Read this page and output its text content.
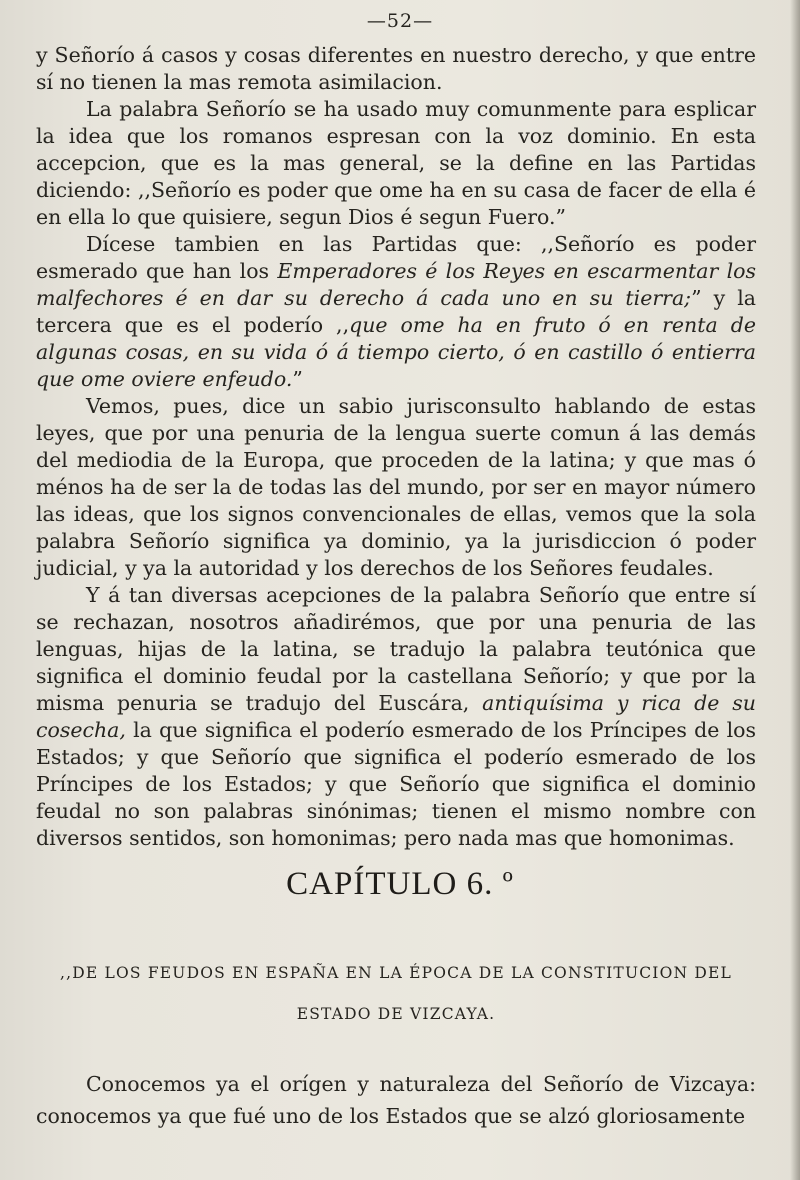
—52—

y Señorío á casos y cosas diferentes en nuestro derecho, y que entre sí no tienen la mas remota asimilacion.

La palabra Señorío se ha usado muy comunmente para esplicar la idea que los romanos espresan con la voz dominio. En esta accepcion, que es la mas general, se la define en las Partidas diciendo: ,,Señorío es poder que ome ha en su casa de facer de ella é en ella lo que quisiere, segun Dios é segun Fuero.”

Dícese tambien en las Partidas que: ,,Señorío es poder esmerado que han los Emperadores é los Reyes en escarmentar los malfechores é en dar su derecho á cada uno en su tierra;” y la tercera que es el poderío ,,que ome ha en fruto ó en renta de algunas cosas, en su vida ó á tiempo cierto, ó en castillo ó entierra que ome oviere enfeudo.”

Vemos, pues, dice un sabio jurisconsulto hablando de estas leyes, que por una penuria de la lengua suerte comun á las demás del mediodia de la Europa, que proceden de la latina; y que mas ó ménos ha de ser la de todas las del mundo, por ser en mayor número las ideas, que los signos convencionales de ellas, vemos que la sola palabra Señorío significa ya dominio, ya la jurisdiccion ó poder judicial, y ya la autoridad y los derechos de los Señores feudales.

Y á tan diversas acepciones de la palabra Señorío que entre sí se rechazan, nosotros añadirémos, que por una penuria de las lenguas, hijas de la latina, se tradujo la palabra teutónica que significa el dominio feudal por la castellana Señorío; y que por la misma penuria se tradujo del Euscára, antiquísima y rica de su cosecha, la que significa el poderío esmerado de los Príncipes de los Estados; y que Señorío que significa el poderío esmerado de los Príncipes de los Estados; y que Señorío que significa el dominio feudal no son palabras sinónimas; tienen el mismo nombre con diversos sentidos, son homonimas; pero nada mas que homonimas.

CAPÍTULO 6. º
,,DE LOS FEUDOS EN ESPAÑA EN LA ÉPOCA DE LA CONSTITUCION DEL ESTADO DE VIZCAYA.

Conocemos ya el orígen y naturaleza del Señorío de Vizcaya: conocemos ya que fué uno de los Estados que se alzó gloriosamente
